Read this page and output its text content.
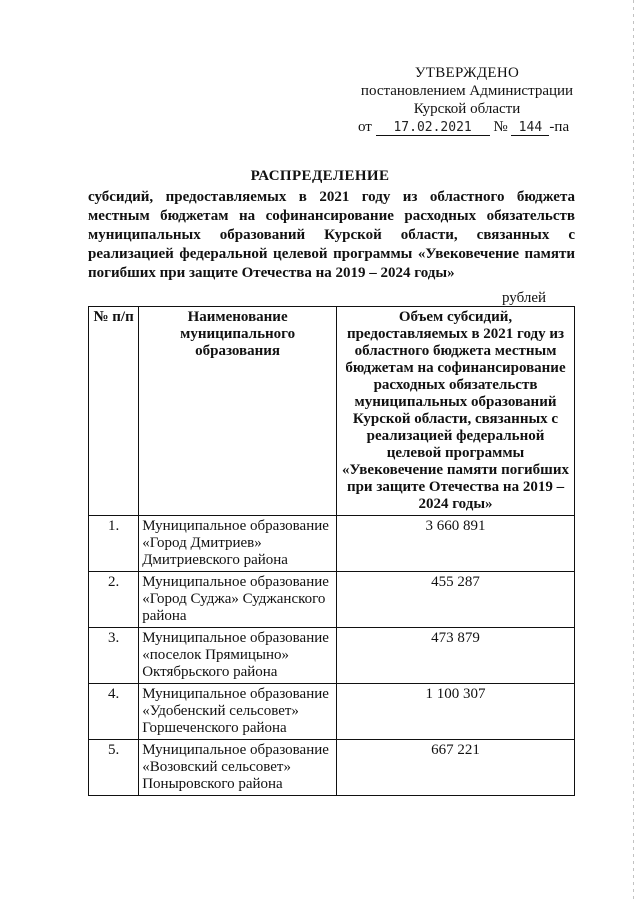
УТВЕРЖДЕНО
постановлением Администрации
Курской области
от 17.02.2021 № 144 -па
РАСПРЕДЕЛЕНИЕ
субсидий, предоставляемых в 2021 году из областного бюджета местным бюджетам на софинансирование расходных обязательств муниципальных образований Курской области, связанных с реализацией федеральной целевой программы «Увековечение памяти погибших при защите Отечества на 2019 – 2024 годы»
рублей
№ п/п	Наименование муниципального образования	Объем субсидий, предоставляемых в 2021 году из областного бюджета местным бюджетам на софинансирование расходных обязательств муниципальных образований Курской области, связанных с реализацией федеральной целевой программы «Увековечение памяти погибших при защите Отечества на 2019 – 2024 годы»
1.	Муниципальное образование «Город Дмитриев» Дмитриевского района	3 660 891
2.	Муниципальное образование «Город Суджа» Суджанского района	455 287
3.	Муниципальное образование «поселок Прямицыно» Октябрьского района	473 879
4.	Муниципальное образование «Удобенский сельсовет» Горшеченского района	1 100 307
5.	Муниципальное образование «Возовский сельсовет» Поныровского района	667 221
